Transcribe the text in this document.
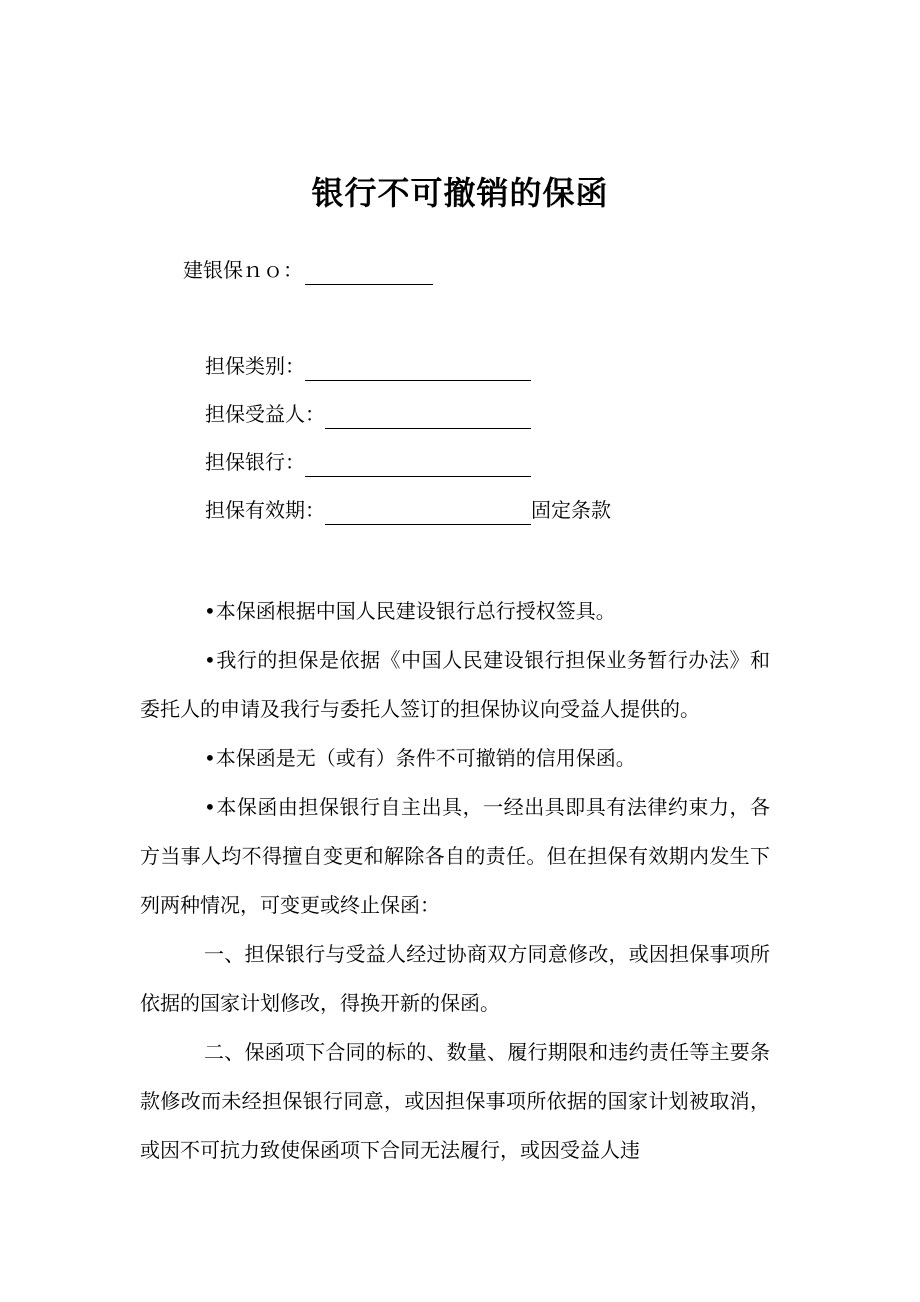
银行不可撤销的保函
建银保ｎｏ：
担保类别：
担保受益人：
担保银行：
担保有效期：	固定条款

•本保函根据中国人民建设银行总行授权签具。

•我行的担保是依据《中国人民建设银行担保业务暂行办法》和委托人的申请及我行与委托人签订的担保协议向受益人提供的。

•本保函是无（或有）条件不可撤销的信用保函。

•本保函由担保银行自主出具，一经出具即具有法律约束力，各方当事人均不得擅自变更和解除各自的责任。但在担保有效期内发生下列两种情况，可变更或终止保函：

一、担保银行与受益人经过协商双方同意修改，或因担保事项所依据的国家计划修改，得换开新的保函。

二、保函项下合同的标的、数量、履行期限和违约责任等主要条款修改而未经担保银行同意，或因担保事项所依据的国家计划被取消，或因不可抗力致使保函项下合同无法履行，或因受益人违
